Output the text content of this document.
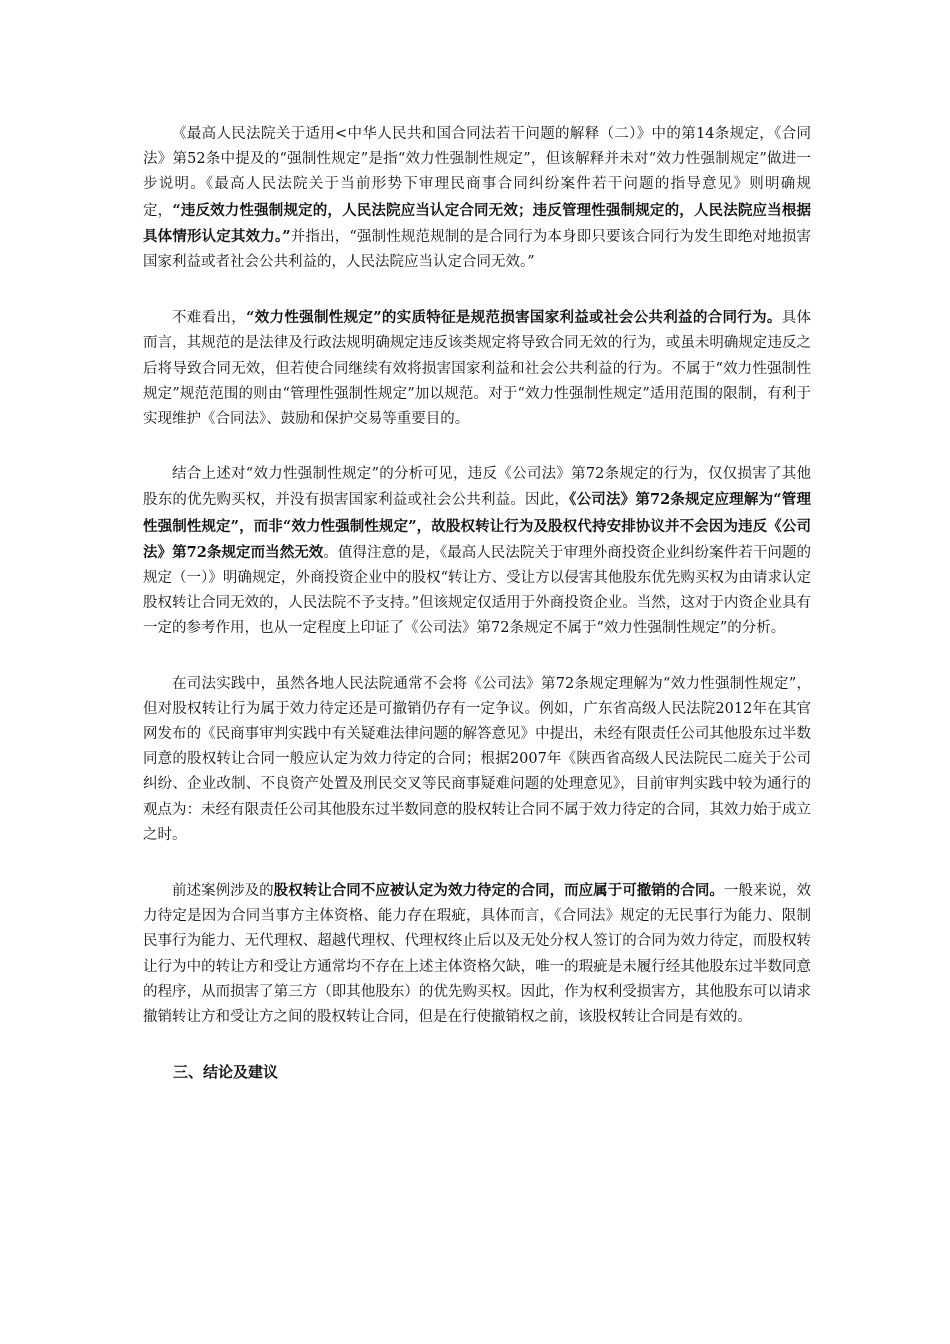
《最高人民法院关于适用<中华人民共和国合同法若干问题的解释（二）》中的第14条规定，《合同法》第52条中提及的“强制性规定”是指“效力性强制性规定”，但该解释并未对“效力性强制规定”做进一步说明。《最高人民法院关于当前形势下审理民商事合同纠纷案件若干问题的指导意见》则明确规定，“违反效力性强制规定的，人民法院应当认定合同无效；违反管理性强制规定的，人民法院应当根据具体情形认定其效力。”并指出，“强制性规范规制的是合同行为本身即只要该合同行为发生即绝对地损害国家利益或者社会公共利益的，人民法院应当认定合同无效。”

不难看出，“效力性强制性规定”的实质特征是规范损害国家利益或社会公共利益的合同行为。具体而言，其规范的是法律及行政法规明确规定违反该类规定将导致合同无效的行为，或虽未明确规定违反之后将导致合同无效，但若使合同继续有效将损害国家利益和社会公共利益的行为。不属于“效力性强制性规定”规范范围的则由“管理性强制性规定”加以规范。对于“效力性强制性规定”适用范围的限制，有利于实现维护《合同法》、鼓励和保护交易等重要目的。

结合上述对“效力性强制性规定”的分析可见，违反《公司法》第72条规定的行为，仅仅损害了其他股东的优先购买权，并没有损害国家利益或社会公共利益。因此，《公司法》第72条规定应理解为“管理性强制性规定”，而非“效力性强制性规定”，故股权转让行为及股权代持安排协议并不会因为违反《公司法》第72条规定而当然无效。值得注意的是，《最高人民法院关于审理外商投资企业纠纷案件若干问题的规定（一）》明确规定，外商投资企业中的股权“转让方、受让方以侵害其他股东优先购买权为由请求认定股权转让合同无效的，人民法院不予支持。”但该规定仅适用于外商投资企业。当然，这对于内资企业具有一定的参考作用，也从一定程度上印证了《公司法》第72条规定不属于“效力性强制性规定”的分析。

在司法实践中，虽然各地人民法院通常不会将《公司法》第72条规定理解为“效力性强制性规定”，但对股权转让行为属于效力待定还是可撤销仍存有一定争议。例如，广东省高级人民法院2012年在其官网发布的《民商事审判实践中有关疑难法律问题的解答意见》中提出，未经有限责任公司其他股东过半数同意的股权转让合同一般应认定为效力待定的合同；根据2007年《陕西省高级人民法院民二庭关于公司纠纷、企业改制、不良资产处置及刑民交叉等民商事疑难问题的处理意见》，目前审判实践中较为通行的观点为：未经有限责任公司其他股东过半数同意的股权转让合同不属于效力待定的合同，其效力始于成立之时。

前述案例涉及的股权转让合同不应被认定为效力待定的合同，而应属于可撤销的合同。一般来说，效力待定是因为合同当事方主体资格、能力存在瑕疵，具体而言，《合同法》规定的无民事行为能力、限制民事行为能力、无代理权、超越代理权、代理权终止后以及无处分权人签订的合同为效力待定，而股权转让行为中的转让方和受让方通常均不存在上述主体资格欠缺，唯一的瑕疵是未履行经其他股东过半数同意的程序，从而损害了第三方（即其他股东）的优先购买权。因此，作为权利受损害方，其他股东可以请求撤销转让方和受让方之间的股权转让合同，但是在行使撤销权之前，该股权转让合同是有效的。

三、结论及建议
